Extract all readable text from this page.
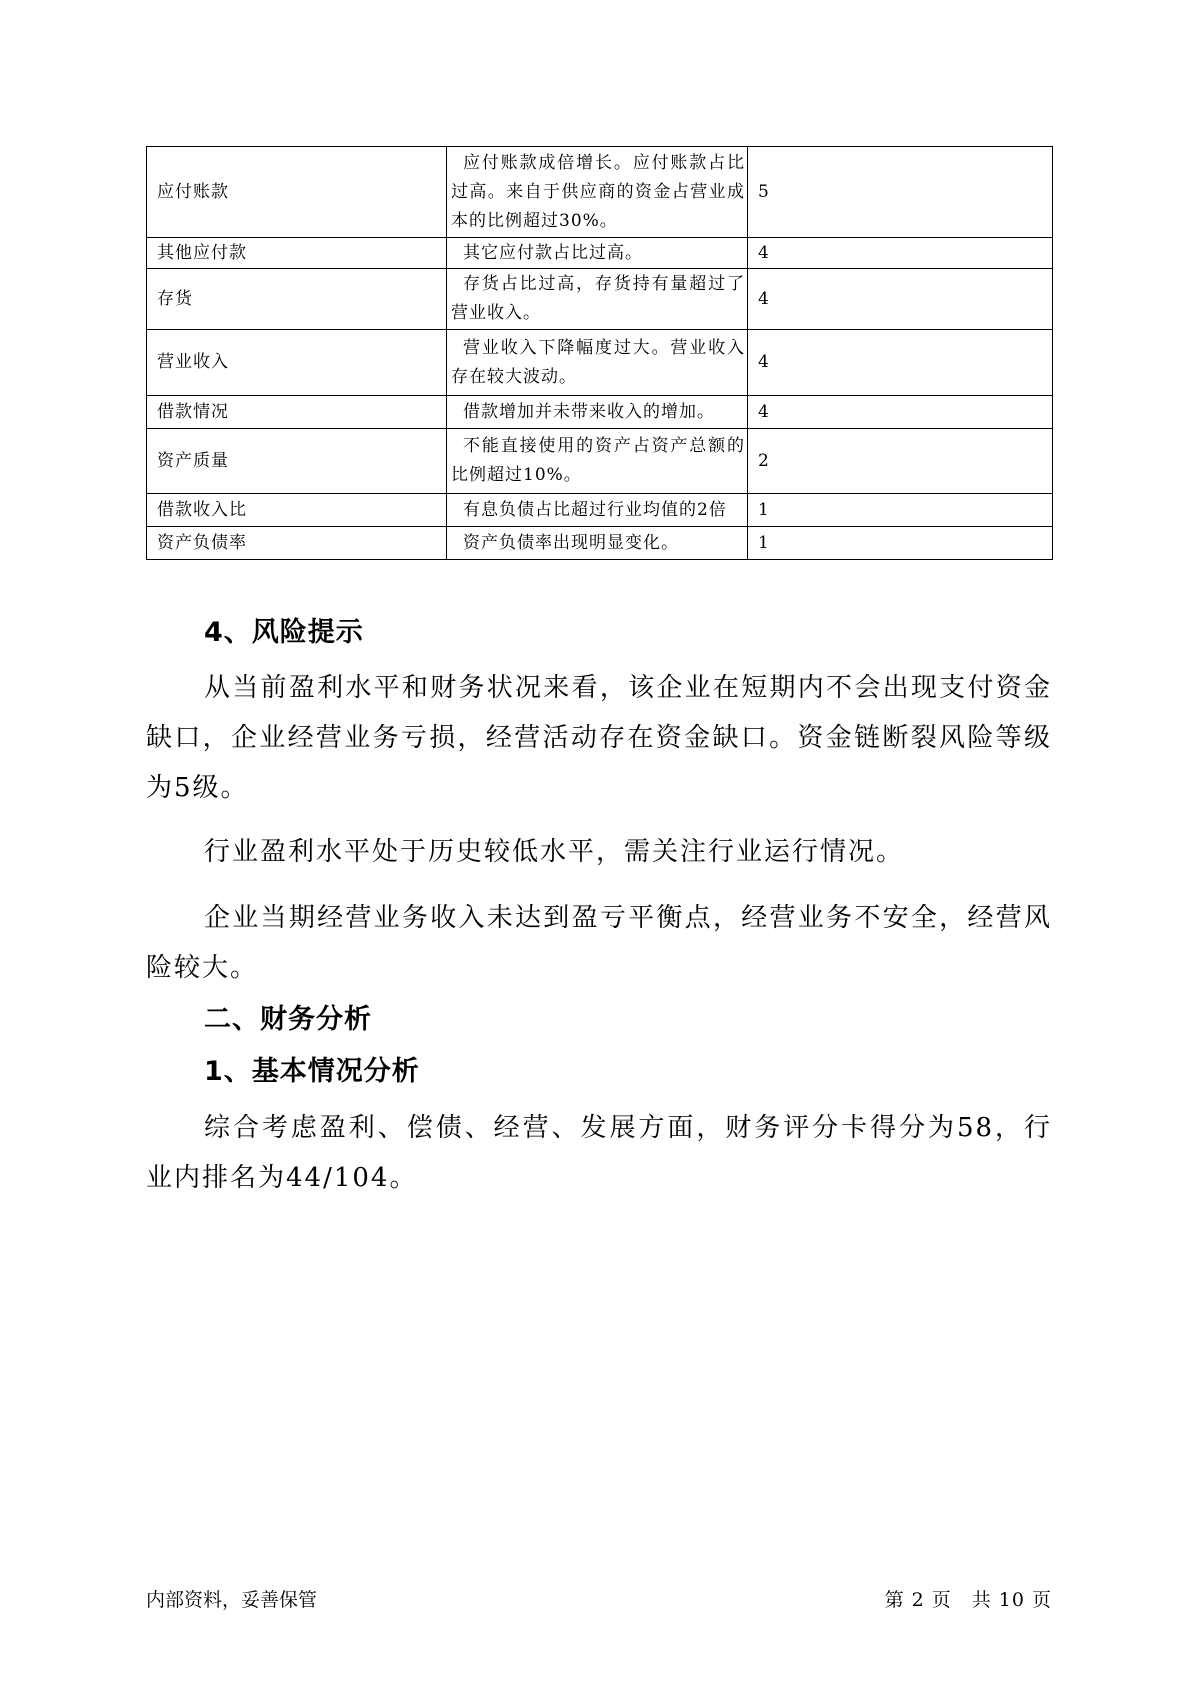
应付账款	应付账款成倍增长。应付账款占比过高。来自于供应商的资金占营业成本的比例超过30%。	5
其他应付款	其它应付款占比过高。	4
存货	存货占比过高，存货持有量超过了营业收入。	4
营业收入	营业收入下降幅度过大。营业收入存在较大波动。	4
借款情况	借款增加并未带来收入的增加。	4
资产质量	不能直接使用的资产占资产总额的比例超过10%。	2
借款收入比	有息负债占比超过行业均值的2倍	1
资产负债率	资产负债率出现明显变化。	1
4、风险提示

从当前盈利水平和财务状况来看，该企业在短期内不会出现支付资金缺口，企业经营业务亏损，经营活动存在资金缺口。资金链断裂风险等级为5级。

行业盈利水平处于历史较低水平，需关注行业运行情况。

企业当期经营业务收入未达到盈亏平衡点，经营业务不安全，经营风险较大。

二、财务分析
1、基本情况分析

综合考虑盈利、偿债、经营、发展方面，财务评分卡得分为58，行业内排名为44/104。

内部资料，妥善保管	第 2 页　共 10 页
